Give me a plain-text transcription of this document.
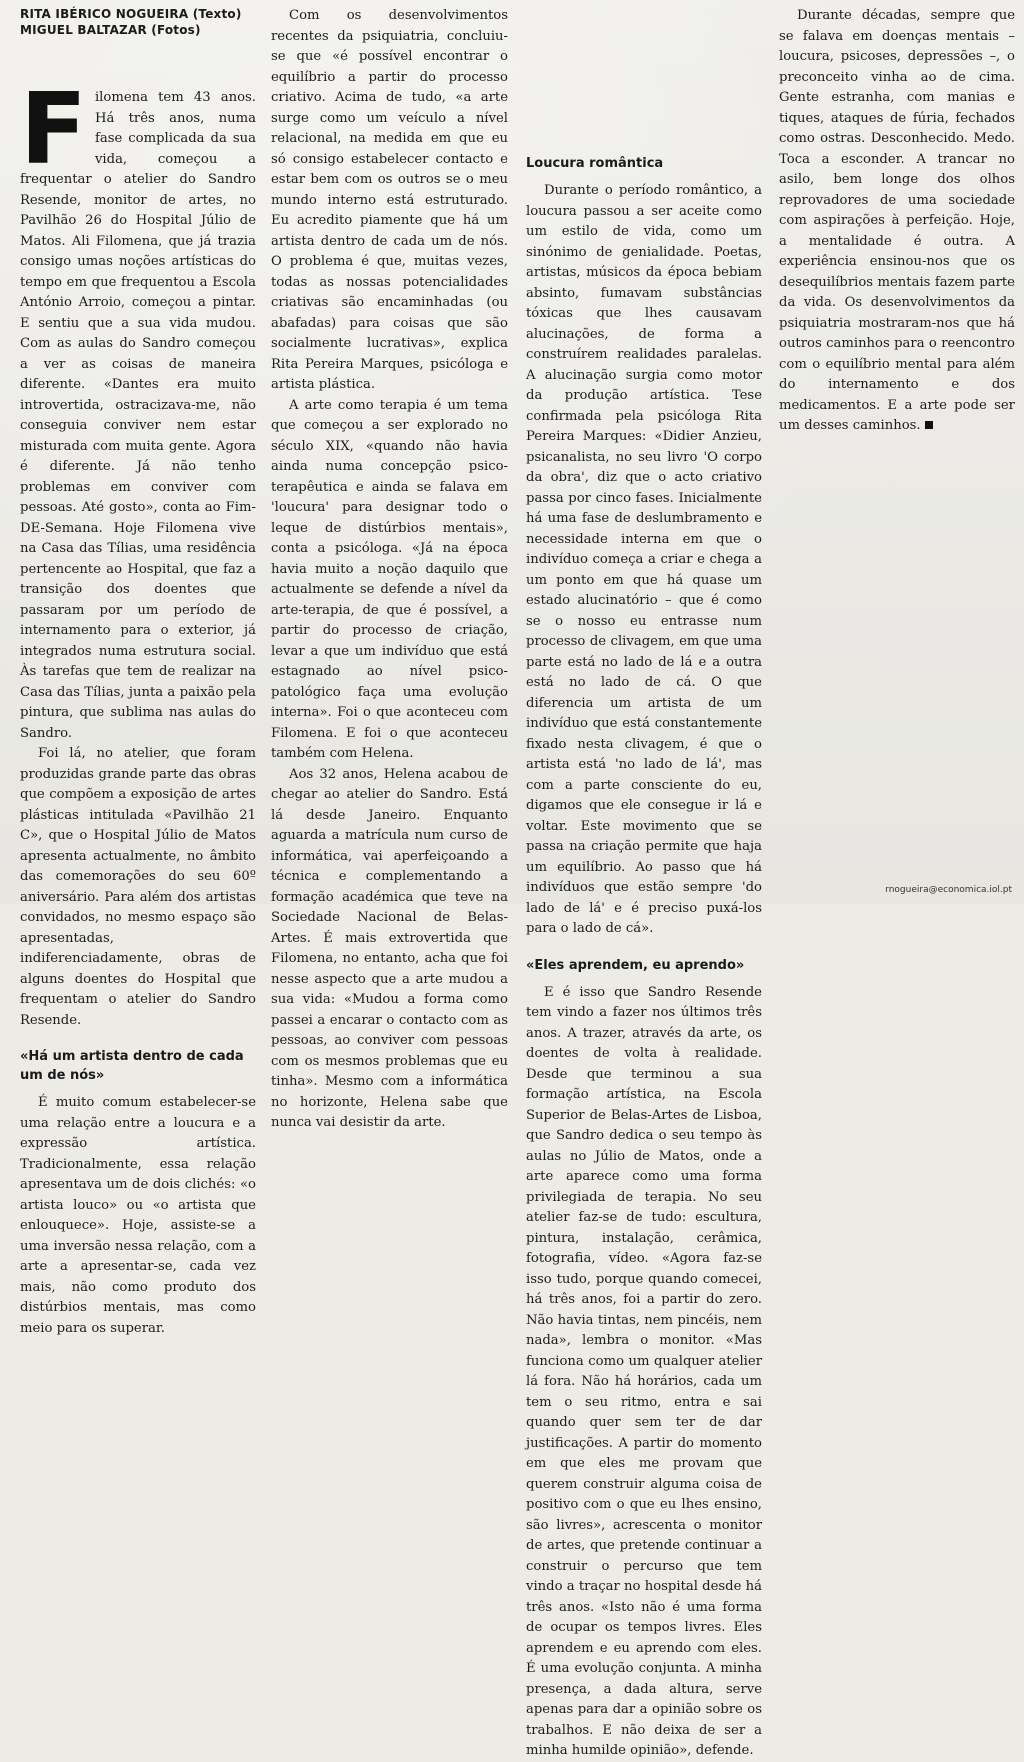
RITA IBÉRICO NOGUEIRA (Texto)
MIGUEL BALTAZAR (Fotos)
F ilomena tem 43 anos. Há três anos, numa fase complicada da sua vida, começou a frequentar o atelier do Sandro Resende, monitor de artes, no Pavilhão 26 do Hospital Júlio de Matos. Ali Filomena, que já trazia consigo umas noções artísticas do tempo em que frequentou a Escola António Arroio, começou a pintar. E sentiu que a sua vida mudou. Com as aulas do Sandro começou a ver as coisas de maneira diferente. «Dantes era muito introvertida, ostracizava-me, não conseguia conviver nem estar misturada com muita gente. Agora é diferente. Já não tenho problemas em conviver com pessoas. Até gosto», conta ao Fim-DE-Semana. Hoje Filomena vive na Casa das Tílias, uma residência pertencente ao Hospital, que faz a transição dos doentes que passaram por um período de internamento para o exterior, já integrados numa estrutura social. Às tarefas que tem de realizar na Casa das Tílias, junta a paixão pela pintura, que sublima nas aulas do Sandro.

Foi lá, no atelier, que foram produzidas grande parte das obras que compõem a exposição de artes plásticas intitulada «Pavilhão 21 C», que o Hospital Júlio de Matos apresenta actualmente, no âmbito das comemorações do seu 60º aniversário. Para além dos artistas convidados, no mesmo espaço são apresentadas, indiferenciadamente, obras de alguns doentes do Hospital que frequentam o atelier do Sandro Resende.

«Há um artista dentro de cada um de nós»

É muito comum estabelecer-se uma relação entre a loucura e a expressão artística. Tradicionalmente, essa relação apresentava um de dois clichés: «o artista louco» ou «o artista que enlouquece». Hoje, assiste-se a uma inversão nessa relação, com a arte a apresentar-se, cada vez mais, não como produto dos distúrbios mentais, mas como meio para os superar.

Com os desenvolvimentos recentes da psiquiatria, concluiu-se que «é possível encontrar o equilíbrio a partir do processo criativo. Acima de tudo, «a arte surge como um veículo a nível relacional, na medida em que eu só consigo estabelecer contacto e estar bem com os outros se o meu mundo interno está estruturado. Eu acredito piamente que há um artista dentro de cada um de nós. O problema é que, muitas vezes, todas as nossas potencialidades criativas são encaminhadas (ou abafadas) para coisas que são socialmente lucrativas», explica Rita Pereira Marques, psicóloga e artista plástica.

A arte como terapia é um tema que começou a ser explorado no século XIX, «quando não havia ainda numa concepção psico-terapêutica e ainda se falava em 'loucura' para designar todo o leque de distúrbios mentais», conta a psicóloga. «Já na época havia muito a noção daquilo que actualmente se defende a nível da arte-terapia, de que é possível, a partir do processo de criação, levar a que um indivíduo que está estagnado ao nível psico-patológico faça uma evolução interna». Foi o que aconteceu com Filomena. E foi o que aconteceu também com Helena.

Aos 32 anos, Helena acabou de chegar ao atelier do Sandro. Está lá desde Janeiro. Enquanto aguarda a matrícula num curso de informática, vai aperfeiçoando a técnica e complementando a formação académica que teve na Sociedade Nacional de Belas-Artes. É mais extrovertida que Filomena, no entanto, acha que foi nesse aspecto que a arte mudou a sua vida: «Mudou a forma como passei a encarar o contacto com as pessoas, ao conviver com pessoas com os mesmos problemas que eu tinha». Mesmo com a informática no horizonte, Helena sabe que nunca vai desistir da arte.

Loucura romântica

Durante o período romântico, a loucura passou a ser aceite como um estilo de vida, como um sinónimo de genialidade. Poetas, artistas, músicos da época bebiam absinto, fumavam substâncias tóxicas que lhes causavam alucinações, de forma a construírem realidades paralelas. A alucinação surgia como motor da produção artística. Tese confirmada pela psicóloga Rita Pereira Marques: «Didier Anzieu, psicanalista, no seu livro 'O corpo da obra', diz que o acto criativo passa por cinco fases. Inicialmente há uma fase de deslumbramento e necessidade interna em que o indivíduo começa a criar e chega a um ponto em que há quase um estado alucinatório – que é como se o nosso eu entrasse num processo de clivagem, em que uma parte está no lado de lá e a outra está no lado de cá. O que diferencia um artista de um indivíduo que está constantemente fixado nesta clivagem, é que o artista está 'no lado de lá', mas com a parte consciente do eu, digamos que ele consegue ir lá e voltar. Este movimento que se passa na criação permite que haja um equilíbrio. Ao passo que há indivíduos que estão sempre 'do lado de lá' e é preciso puxá-los para o lado de cá».

«Eles aprendem, eu aprendo»

E é isso que Sandro Resende tem vindo a fazer nos últimos três anos. A trazer, através da arte, os doentes de volta à realidade. Desde que terminou a sua formação artística, na Escola Superior de Belas-Artes de Lisboa, que Sandro dedica o seu tempo às aulas no Júlio de Matos, onde a arte aparece como uma forma privilegiada de terapia. No seu atelier faz-se de tudo: escultura, pintura, instalação, cerâmica, fotografia, vídeo. «Agora faz-se isso tudo, porque quando comecei, há três anos, foi a partir do zero. Não havia tintas, nem pincéis, nem nada», lembra o monitor. «Mas funciona como um qualquer atelier lá fora. Não há horários, cada um tem o seu ritmo, entra e sai quando quer sem ter de dar justificações. A partir do momento em que eles me provam que querem construir alguma coisa de positivo com o que eu lhes ensino, são livres», acrescenta o monitor de artes, que pretende continuar a construir o percurso que tem vindo a traçar no hospital desde há três anos. «Isto não é uma forma de ocupar os tempos livres. Eles aprendem e eu aprendo com eles. É uma evolução conjunta. A minha presença, a dada altura, serve apenas para dar a opinião sobre os trabalhos. E não deixa de ser a minha humilde opinião», defende.

Durante décadas, sempre que se falava em doenças mentais – loucura, psicoses, depressões –, o preconceito vinha ao de cima. Gente estranha, com manias e tiques, ataques de fúria, fechados como ostras. Desconhecido. Medo. Toca a esconder. A trancar no asilo, bem longe dos olhos reprovadores de uma sociedade com aspirações à perfeição. Hoje, a mentalidade é outra. A experiência ensinou-nos que os desequilíbrios mentais fazem parte da vida. Os desenvolvimentos da psiquiatria mostraram-nos que há outros caminhos para o reencontro com o equilíbrio mental para além do internamento e dos medicamentos. E a arte pode ser um desses caminhos.

rnogueira@economica.iol.pt
